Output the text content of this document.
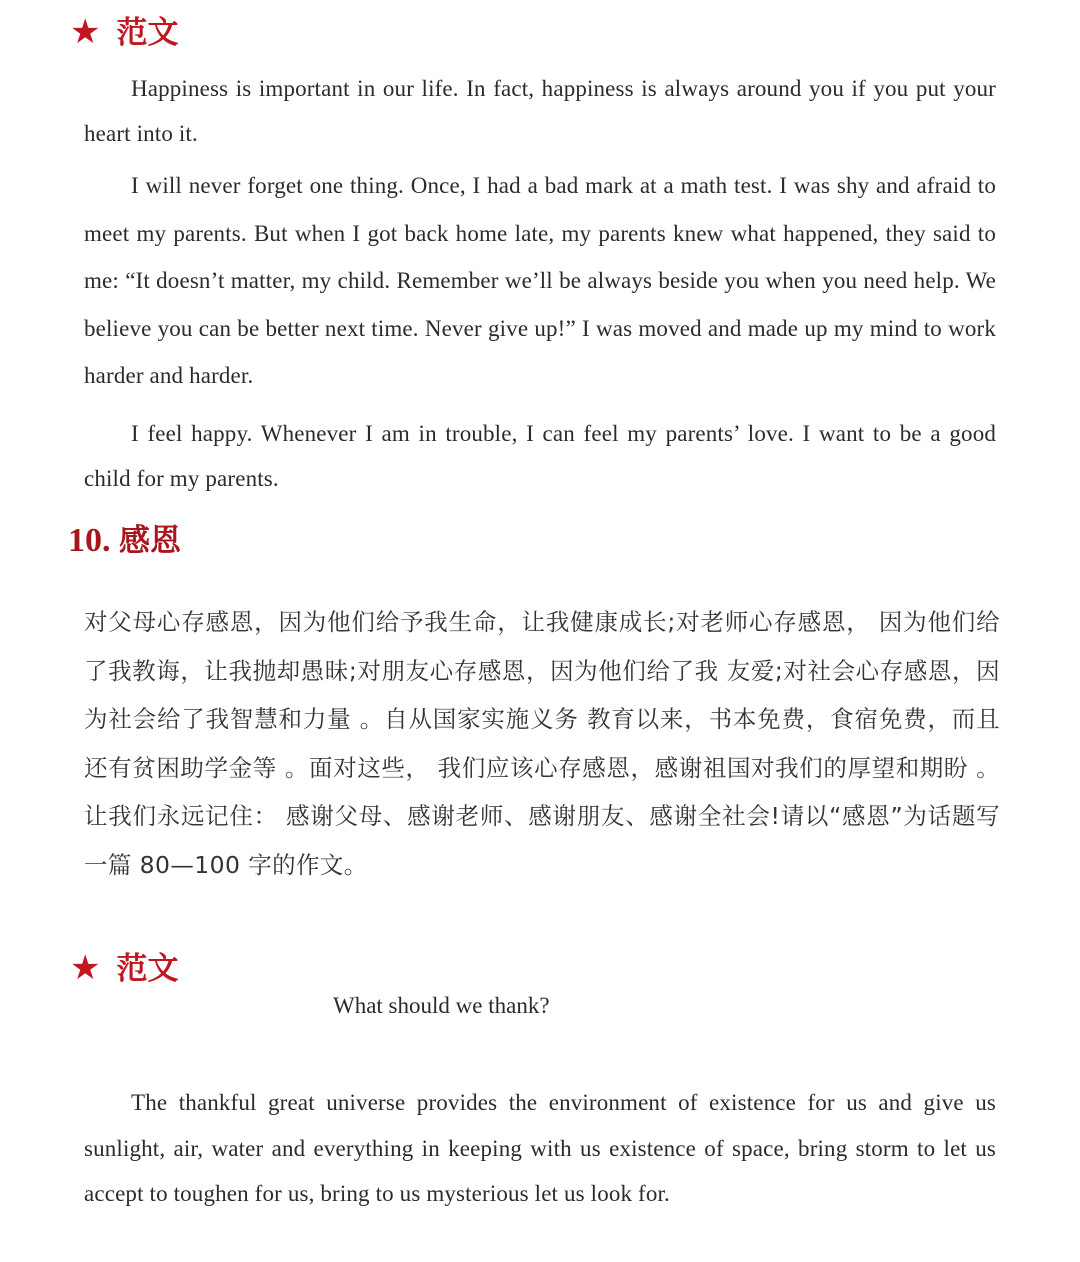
★ 范文

Happiness is important in our life. In fact, happiness is always around you if you put your heart into it.

I will never forget one thing. Once, I had a bad mark at a math test. I was shy and afraid to meet my parents. But when I got back home late, my parents knew what happened, they said to me: “It doesn’t matter, my child. Remember we’ll be always beside you when you need help. We believe you can be better next time. Never give up!” I was moved and made up my mind to work harder and harder.

I feel happy. Whenever I am in trouble, I can feel my parents’ love. I want to be a good child for my parents.

10. 感恩

对父母心存感恩，因为他们给予我生命，让我健康成长;对老师心存感恩， 因为他们给了我教诲，让我抛却愚昧;对朋友心存感恩，因为他们给了我 友爱;对社会心存感恩，因为社会给了我智慧和力量 。自从国家实施义务 教育以来，书本免费，食宿免费，而且还有贫困助学金等 。面对这些， 我们应该心存感恩，感谢祖国对我们的厚望和期盼 。让我们永远记住： 感谢父母、感谢老师、感谢朋友、感谢全社会!请以“感恩”为话题写一篇 80—100 字的作文。

★ 范文
What should we thank?

The thankful great universe provides the environment of existence for us and give us sunlight, air, water and everything in keeping with us existence of space, bring storm to let us accept to toughen for us, bring to us mysterious let us look for.
